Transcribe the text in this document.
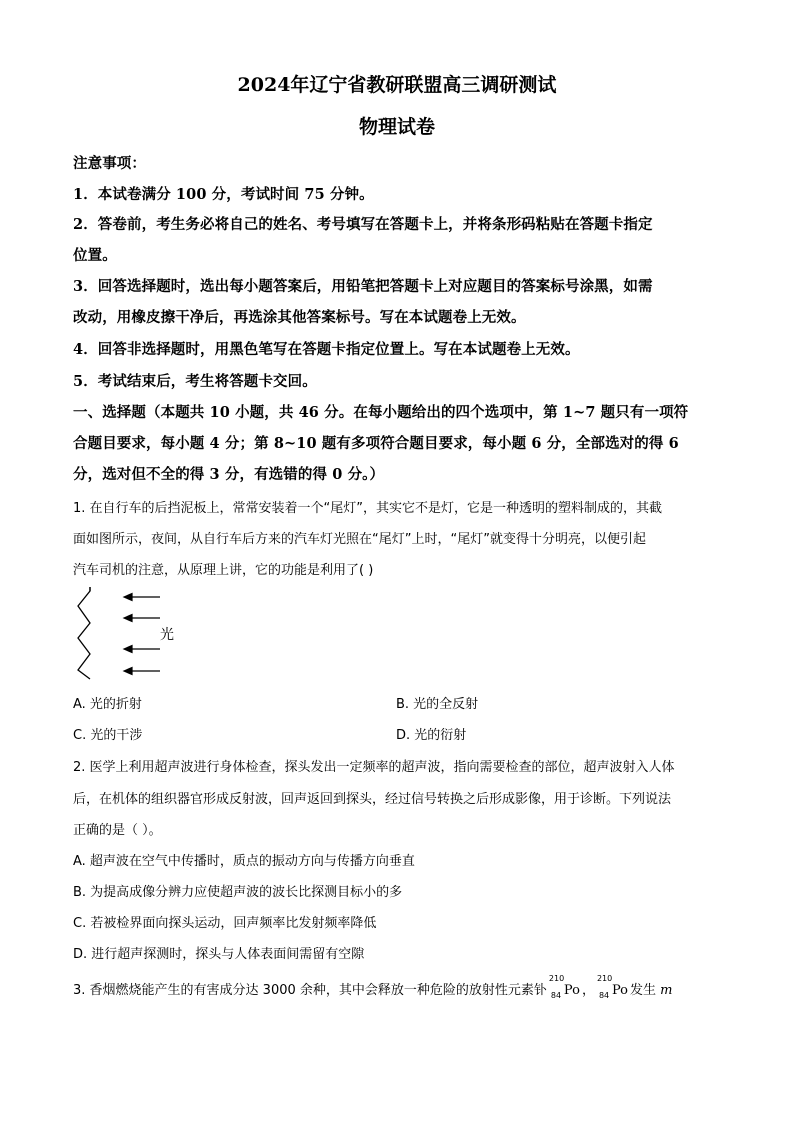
2024年辽宁省教研联盟高三调研测试
物理试卷
注意事项：
1．本试卷满分 100 分，考试时间 75 分钟。
2．答卷前，考生务必将自己的姓名、考号填写在答题卡上，并将条形码粘贴在答题卡指定
位置。
3．回答选择题时，选出每小题答案后，用铅笔把答题卡上对应题目的答案标号涂黑，如需
改动，用橡皮擦干净后，再选涂其他答案标号。写在本试题卷上无效。
4．回答非选择题时，用黑色笔写在答题卡指定位置上。写在本试题卷上无效。
5．考试结束后，考生将答题卡交回。
一、选择题（本题共 10 小题，共 46 分。在每小题给出的四个选项中，第 1~7 题只有一项符
合题目要求，每小题 4 分；第 8~10 题有多项符合题目要求，每小题 6 分，全部选对的得 6
分，选对但不全的得 3 分，有选错的得 0 分。）
1. 在自行车的后挡泥板上，常常安装着一个“尾灯”，其实它不是灯，它是一种透明的塑料制成的，其截
面如图所示，夜间，从自行车后方来的汽车灯光照在“尾灯”上时，“尾灯”就变得十分明亮，以便引起
汽车司机的注意，从原理上讲，它的功能是利用了( )
光
A. 光的折射	B. 光的全反射
C. 光的干涉	D. 光的衍射
2. 医学上利用超声波进行身体检查，探头发出一定频率的超声波，指向需要检查的部位，超声波射入人体
后，在机体的组织器官形成反射波，回声返回到探头，经过信号转换之后形成影像，用于诊断。下列说法
正确的是（ ）。
A. 超声波在空气中传播时，质点的振动方向与传播方向垂直
B. 为提高成像分辨力应使超声波的波长比探测目标小的多
C. 若被检界面向探头运动，回声频率比发射频率降低
D. 进行超声探测时，探头与人体表面间需留有空隙
3. 香烟燃烧能产生的有害成分达 3000 余种，其中会释放一种危险的放射性元素钋
210
84 Po ，
210
84 Po 发生 m
